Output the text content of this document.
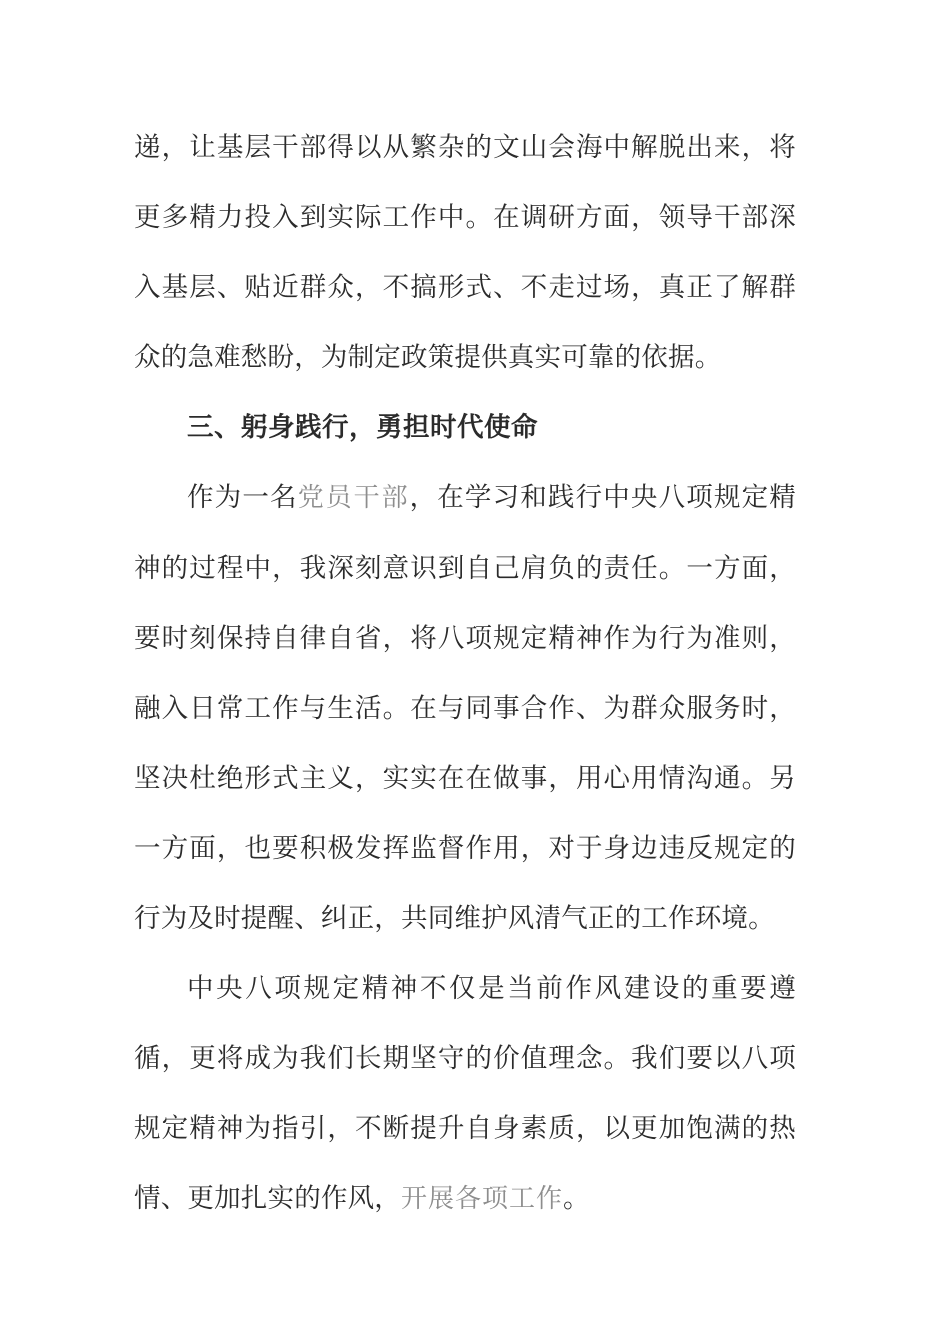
递，让基层干部得以从繁杂的文山会海中解脱出来，将更多精力投入到实际工作中。在调研方面，领导干部深入基层、贴近群众，不搞形式、不走过场，真正了解群众的急难愁盼，为制定政策提供真实可靠的依据。

三、躬身践行，勇担时代使命

作为一名党员干部，在学习和践行中央八项规定精神的过程中，我深刻意识到自己肩负的责任。一方面，要时刻保持自律自省，将八项规定精神作为行为准则，融入日常工作与生活。在与同事合作、为群众服务时，坚决杜绝形式主义，实实在在做事，用心用情沟通。另一方面，也要积极发挥监督作用，对于身边违反规定的行为及时提醒、纠正，共同维护风清气正的工作环境。

中央八项规定精神不仅是当前作风建设的重要遵循，更将成为我们长期坚守的价值理念。我们要以八项规定精神为指引，不断提升自身素质，以更加饱满的热情、更加扎实的作风，开展各项工作。
